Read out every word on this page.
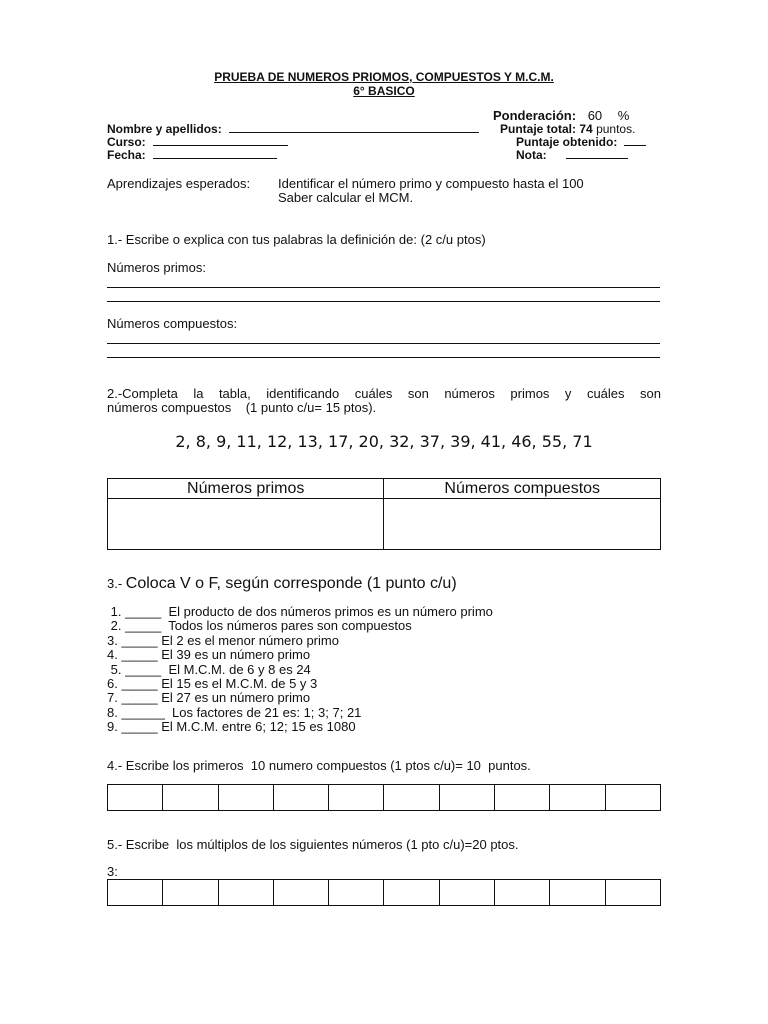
PRUEBA DE NUMEROS PRIOMOS, COMPUESTOS Y M.C.M.
6° BASICO
Ponderación: 60 %
Nombre y apellidos:	Puntaje total: 74 puntos.
Curso:	Puntaje obtenido:
Fecha:	Nota:
Aprendizajes esperados: Identificar el número primo y compuesto hasta el 100
Saber calcular el MCM.
1.- Escribe o explica con tus palabras la definición de: (2 c/u ptos)
Números primos:
Números compuestos:
2.-Completa la tabla, identificando cuáles son números primos y cuáles son
números compuestos    (1 punto c/u= 15 ptos).
2, 8, 9, 11, 12, 13, 17, 20, 32, 37, 39, 41, 46, 55, 71
Números primos	Números compuestos

3.- Coloca V o F, según corresponde (1 punto c/u)
1. _____  El producto de dos números primos es un número primo
2. _____  Todos los números pares son compuestos
3. _____ El 2 es el menor número primo
4. _____ El 39 es un número primo
5. _____  El M.C.M. de 6 y 8 es 24
6. _____ El 15 es el M.C.M. de 5 y 3
7. _____ El 27 es un número primo
8. ______  Los factores de 21 es: 1; 3; 7; 21
9. _____ El M.C.M. entre 6; 12; 15 es 1080
4.- Escribe los primeros  10 numero compuestos (1 ptos c/u)= 10  puntos.

5.- Escribe  los múltiplos de los siguientes números (1 pto c/u)=20 ptos.
3:
